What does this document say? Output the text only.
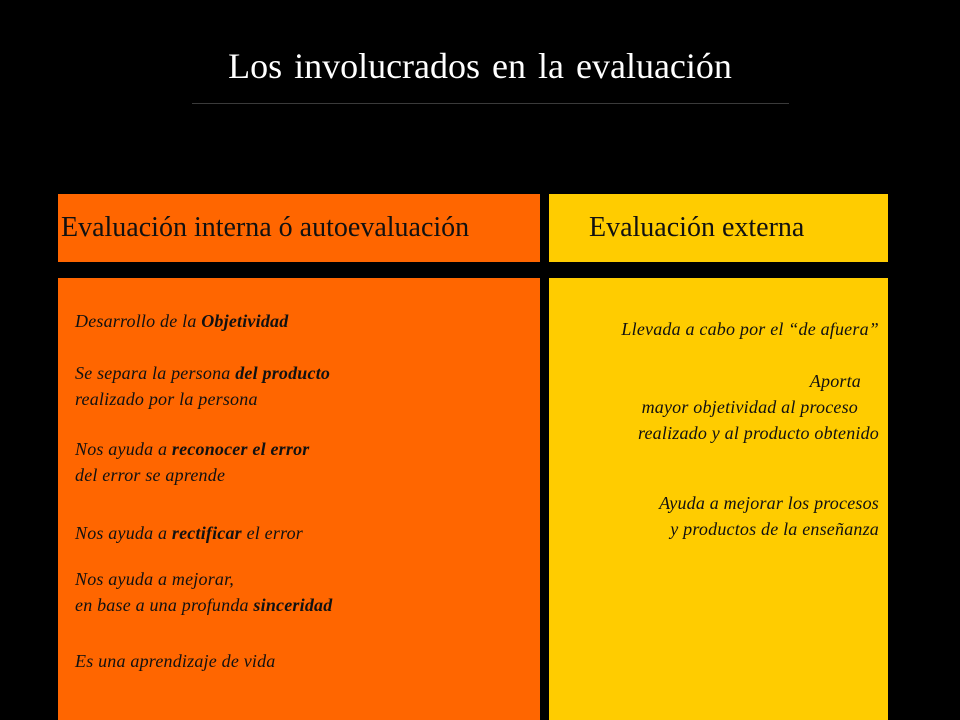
Los involucrados en la evaluación
Evaluación interna ó autoevaluación	Evaluación externa
Desarrollo de la Objetividad
Se separa la persona del producto
realizado por la persona
Nos ayuda a reconocer el error
del error se aprende
Nos ayuda a rectificar el error
Nos ayuda a mejorar,
en base a una profunda sinceridad
Es una aprendizaje de vida
Llevada a cabo por el “de afuera”
Aporta
mayor objetividad al proceso
realizado y al producto obtenido
Ayuda a mejorar los procesos
y productos de la enseñanza
